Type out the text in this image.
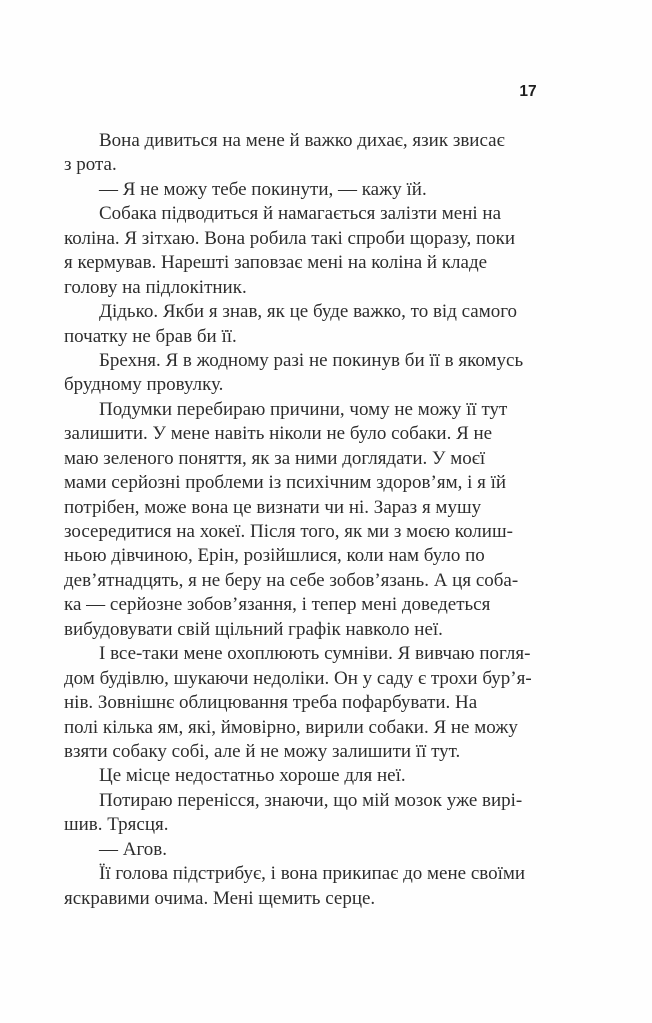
17
Вона дивиться на мене й важко дихає, язик звисає
з рота.
— Я не можу тебе покинути, — кажу їй.
Собака підводиться й намагається залізти мені на
коліна. Я зітхаю. Вона робила такі спроби щоразу, поки
я кермував. Нарешті заповзає мені на коліна й кладе
голову на підлокітник.
Дідько. Якби я знав, як це буде важко, то від самого
початку не брав би її.
Брехня. Я в жодному разі не покинув би її в якомусь
брудному провулку.
Подумки перебираю причини, чому не можу її тут
залишити. У мене навіть ніколи не було собаки. Я не
маю зеленого поняття, як за ними доглядати. У моєї
мами серйозні проблеми із психічним здоров’ям, і я їй
потрібен, може вона це визнати чи ні. Зараз я мушу
зосередитися на хокеї. Після того, як ми з моєю колиш-
ньою дівчиною, Ерін, розійшлися, коли нам було по
дев’ятнадцять, я не беру на себе зобов’язань. А ця соба-
ка — серйозне зобов’язання, і тепер мені доведеться
вибудовувати свій щільний графік навколо неї.
І все-таки мене охоплюють сумніви. Я вивчаю погля-
дом будівлю, шукаючи недоліки. Он у саду є трохи бур’я-
нів. Зовнішнє облицювання треба пофарбувати. На
полі кілька ям, які, ймовірно, вирили собаки. Я не можу
взяти собаку собі, але й не можу залишити її тут.
Це місце недостатньо хороше для неї.
Потираю перенісся, знаючи, що мій мозок уже вирі-
шив. Трясця.
— Агов.
Її голова підстрибує, і вона прикипає до мене своїми
яскравими очима. Мені щемить серце.
